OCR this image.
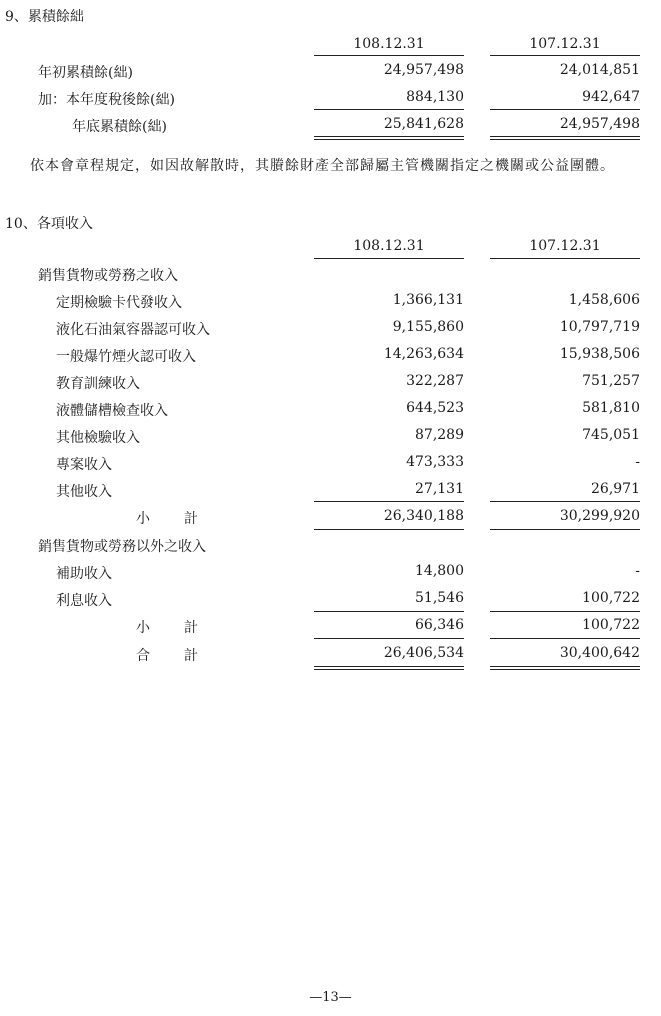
9、累積餘絀
108.12.31	107.12.31
年初累積餘(絀)	24,957,498	24,014,851
加：本年度稅後餘(絀)	884,130	942,647
年底累積餘(絀)	25,841,628	24,957,498
依本會章程規定，如因故解散時，其賸餘財產全部歸屬主管機關指定之機關或公益團體。
10、各項收入
108.12.31	107.12.31
銷售貨物或勞務之收入
定期檢驗卡代發收入	1,366,131	1,458,606
液化石油氣容器認可收入	9,155,860	10,797,719
一般爆竹煙火認可收入	14,263,634	15,938,506
教育訓練收入	322,287	751,257
液體儲槽檢查收入	644,523	581,810
其他檢驗收入	87,289	745,051
專案收入	473,333	-
其他收入	27,131	26,971
小計	26,340,188	30,299,920
銷售貨物或勞務以外之收入
補助收入	14,800	-
利息收入	51,546	100,722
小計	66,346	100,722
合計	26,406,534	30,400,642
—13—
